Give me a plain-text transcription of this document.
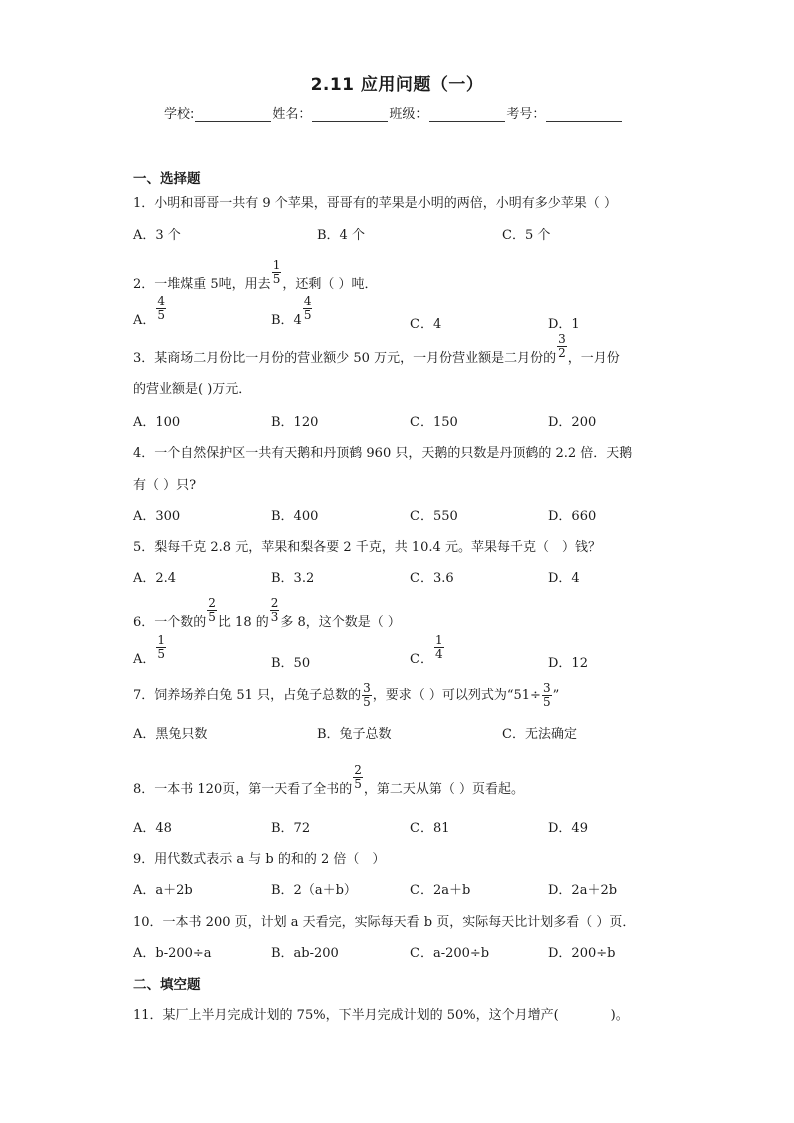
2.11 应用问题（一）
学校:	姓名：	班级：	考号：
一、选择题
1．小明和哥哥一共有 9 个苹果，哥哥有的苹果是小明的两倍，小明有多少苹果（ ）
A．3 个	B．4 个	C．5 个
2．一堆煤重 5吨，用去 $\frac{1}{5}$ ，还剩（ ）吨．
A． $\frac{4}{5}$	B．$4 \frac{4}{5}$
C．4	D．1
3．某商场二月份比一月份的营业额少 50 万元，一月份营业额是二月份的 $\frac{3}{2}$ ，一月份
的营业额是( )万元．
A．100	B．120	C．150	D．200
4．一个自然保护区一共有天鹅和丹顶鹤 960 只，天鹅的只数是丹顶鹤的 2.2 倍．天鹅
有（ ）只?
A．300	B．400	C．550	D．660
5．梨每千克 2.8 元，苹果和梨各要 2 千克，共 10.4 元。苹果每千克（　）钱？
A．2.4	B．3.2	C．3.6	D．4
6．一个数的 $\frac{2}{5}$ 比 18 的 $\frac{2}{3}$ 多 8，这个数是（ ）
A． $\frac{1}{5}$
B．50	C． $\frac{1}{4}$
D．12
7．饲养场养白兔 51 只，占兔子总数的 $\frac{3}{5}$ ，要求（ ）可以列式为“$51\div \frac{3}{5}$ ”
A．黑兔只数	B．兔子总数	C．无法确定
8．一本书 120页，第一天看了全书的 $\frac{2}{5}$ ，第二天从第（ ）页看起。
A．48	B．72	C．81	D．49
9．用代数式表示 a 与 b 的和的 2 倍（　）
A．a＋2b	B．2（a＋b）	C．2a＋b	D．2a＋2b
10．一本书 200 页，计划 a 天看完，实际每天看 b 页，实际每天比计划多看（ ）页．
A．b-200÷a	B．ab-200	C．a-200÷b	D．200÷b
二、填空题
11．某厂上半月完成计划的 75%，下半月完成计划的 50%，这个月增产(　　　　)。
